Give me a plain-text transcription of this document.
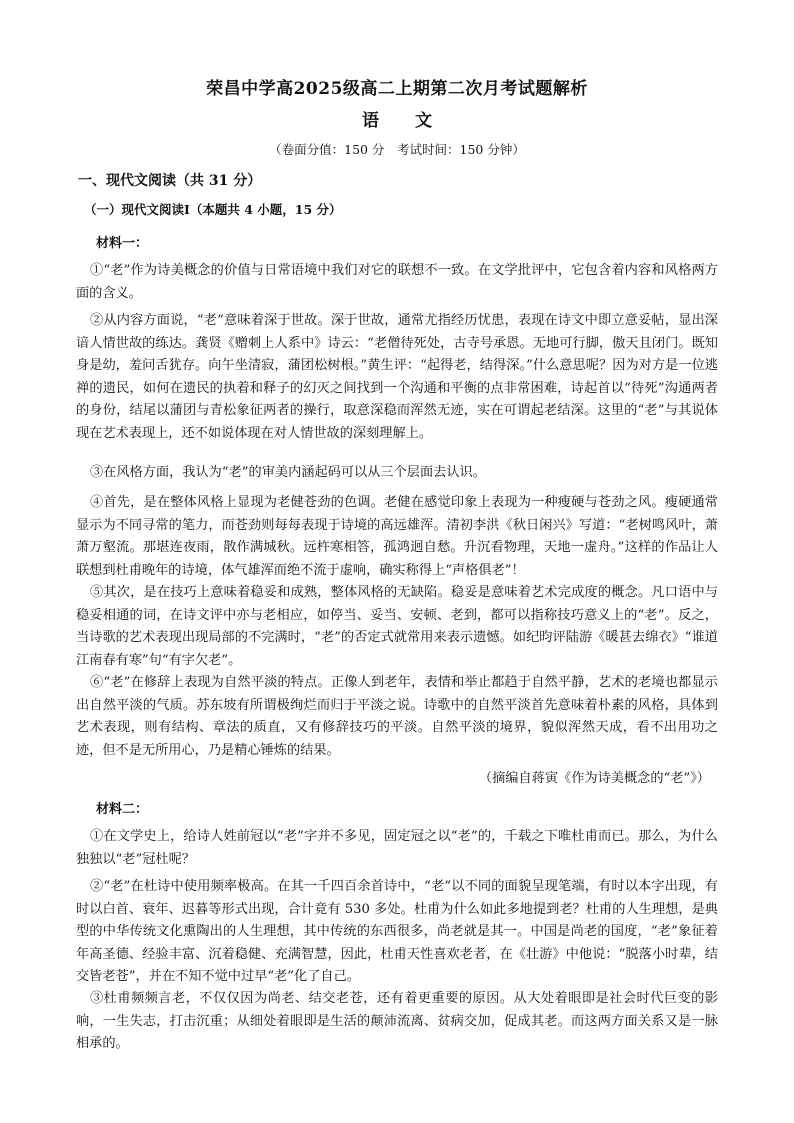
荣昌中学高2025级高二上期第二次月考试题解析
语文
（卷面分值：150 分　考试时间：150 分钟）
一、现代文阅读（共 31 分）
（一）现代文阅读Ⅰ（本题共 4 小题，15 分）
材料一：

①“老”作为诗美概念的价值与日常语境中我们对它的联想不一致。在文学批评中，它包含着内容和风格两方面的含义。

②从内容方面说，“老”意味着深于世故。深于世故，通常尤指经历忧患，表现在诗文中即立意妥帖，显出深谙人情世故的练达。龚贤《赠刺上人系中》诗云：“老僧待死处，古寺号承恩。无地可行脚，傲天且闭门。既知身是幼，羞问舌犹存。向午坐清寂，蒲团松树根。”黄生评：“起得老，结得深。”什么意思呢？因为对方是一位逃禅的遗民，如何在遗民的执着和释子的幻灭之间找到一个沟通和平衡的点非常困难，诗起首以“待死”沟通两者的身份，结尾以蒲团与青松象征两者的操行，取意深稳而浑然无迹，实在可谓起老结深。这里的“老”与其说体现在艺术表现上，还不如说体现在对人情世故的深刻理解上。

③在风格方面，我认为“老”的审美内涵起码可以从三个层面去认识。

④首先，是在整体风格上显现为老健苍劲的色调。老健在感觉印象上表现为一种瘦硬与苍劲之风。瘦硬通常显示为不同寻常的笔力，而苍劲则每每表现于诗境的高远雄浑。清初李洪《秋日闲兴》写道：“老树鸣风叶，萧萧万壑流。那堪连夜雨，散作满城秋。远杵寒相答，孤鸿迥自愁。升沉看物理，天地一虚舟。”这样的作品让人联想到杜甫晚年的诗境，体气雄浑而绝不流于虚响，确实称得上“声格俱老”！

⑤其次，是在技巧上意味着稳妥和成熟，整体风格的无缺陷。稳妥是意味着艺术完成度的概念。凡口语中与稳妥相通的词，在诗文评中亦与老相应，如停当、妥当、安顿、老到，都可以指称技巧意义上的“老”。反之，当诗歌的艺术表现出现局部的不完满时，“老”的否定式就常用来表示遗憾。如纪昀评陆游《暖甚去绵衣》“谁道江南春有寒”句“有字欠老”。

⑥“老”在修辞上表现为自然平淡的特点。正像人到老年，表情和举止都趋于自然平静，艺术的老境也都显示出自然平淡的气质。苏东坡有所谓极绚烂而归于平淡之说。诗歌中的自然平淡首先意味着朴素的风格，具体到艺术表现，则有结构、章法的质直，又有修辞技巧的平淡。自然平淡的境界，貌似浑然天成，看不出用功之迹，但不是无所用心，乃是精心锤炼的结果。

（摘编自蒋寅《作为诗美概念的“老”》）
材料二：

①在文学史上，给诗人姓前冠以“老”字并不多见，固定冠之以“老”的，千载之下唯杜甫而已。那么，为什么独独以“老”冠杜呢？

②“老”在杜诗中使用频率极高。在其一千四百余首诗中，“老”以不同的面貌呈现笔端，有时以本字出现，有时以白首、衰年、迟暮等形式出现，合计竟有 530 多处。杜甫为什么如此多地提到老？杜甫的人生理想，是典型的中华传统文化熏陶出的人生理想，其中传统的东西很多，尚老就是其一。中国是尚老的国度，“老”象征着年高圣德、经验丰富、沉着稳健、充满智慧，因此，杜甫天性喜欢老者，在《壮游》中他说：“脱落小时辈，结交皆老苍”，并在不知不觉中过早“老”化了自己。

③杜甫频频言老，不仅仅因为尚老、结交老苍，还有着更重要的原因。从大处着眼即是社会时代巨变的影响，一生失志，打击沉重；从细处着眼即是生活的颠沛流离、贫病交加，促成其老。而这两方面关系又是一脉相承的。
